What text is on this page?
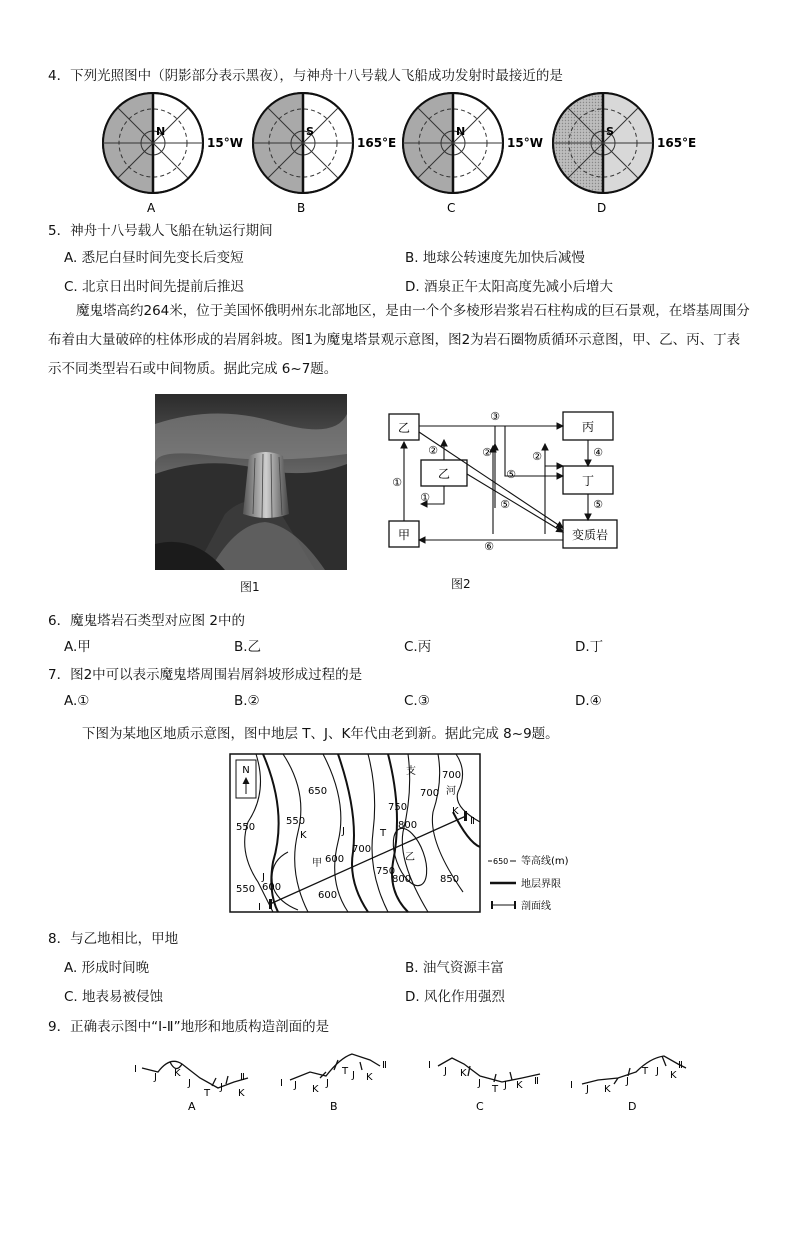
4．下列光照图中（阴影部分表示黑夜），与神舟十八号载人飞船成功发射时最接近的是
N
15°W
S
165°E
N
15°W
S
165°E
A	B	C	D
5．神舟十八号载人飞船在轨运行期间
A. 悉尼白昼时间先变长后变短	B. 地球公转速度先加快后减慢
C. 北京日出时间先提前后推迟	D. 酒泉正午太阳高度先减小后增大
魔鬼塔高约264米，位于美国怀俄明州东北部地区，是由一个个多棱形岩浆岩石柱构成的巨石景观，在塔基周围分布着由大量破碎的柱体形成的岩屑斜坡。图1为魔鬼塔景观示意图，图2为岩石圈物质循环示意图，甲、乙、丙、丁表示不同类型岩石或中间物质。据此完成 6~7题。
图1
乙
乙
丙
丁
甲	变质岩
③
②	②	②	④
①
①
⑤
⑤	⑤
⑥
图2
6．魔鬼塔岩石类型对应图 2中的
A.甲	B.乙	C.丙	D.丁
7．图2中可以表示魔鬼塔周围岩屑斜坡形成过程的是
A.①	B.②	C.③	D.④
下图为某地区地质示意图，图中地层 T、J、K年代由老到新。据此完成 8~9题。
N	支
河
700
700
650
750
800
550
550
700
600
750
800	850
550 600
600
K	J	T
K
J
甲
乙
Ⅰ
Ⅱ
650 等高线(m)
地层界限
剖面线
8．与乙地相比，甲地
A. 形成时间晚	B. 油气资源丰富
C. 地表易被侵蚀	D. 风化作用强烈
9．正确表示图中“Ⅰ-Ⅱ”地形和地质构造剖面的是
I
J K
J
T
J
K
Ⅱ
A
I J K
J
T J K
Ⅱ
B
I
J K
J
T J K Ⅱ
C
I J K
J
T J K
Ⅱ
D
